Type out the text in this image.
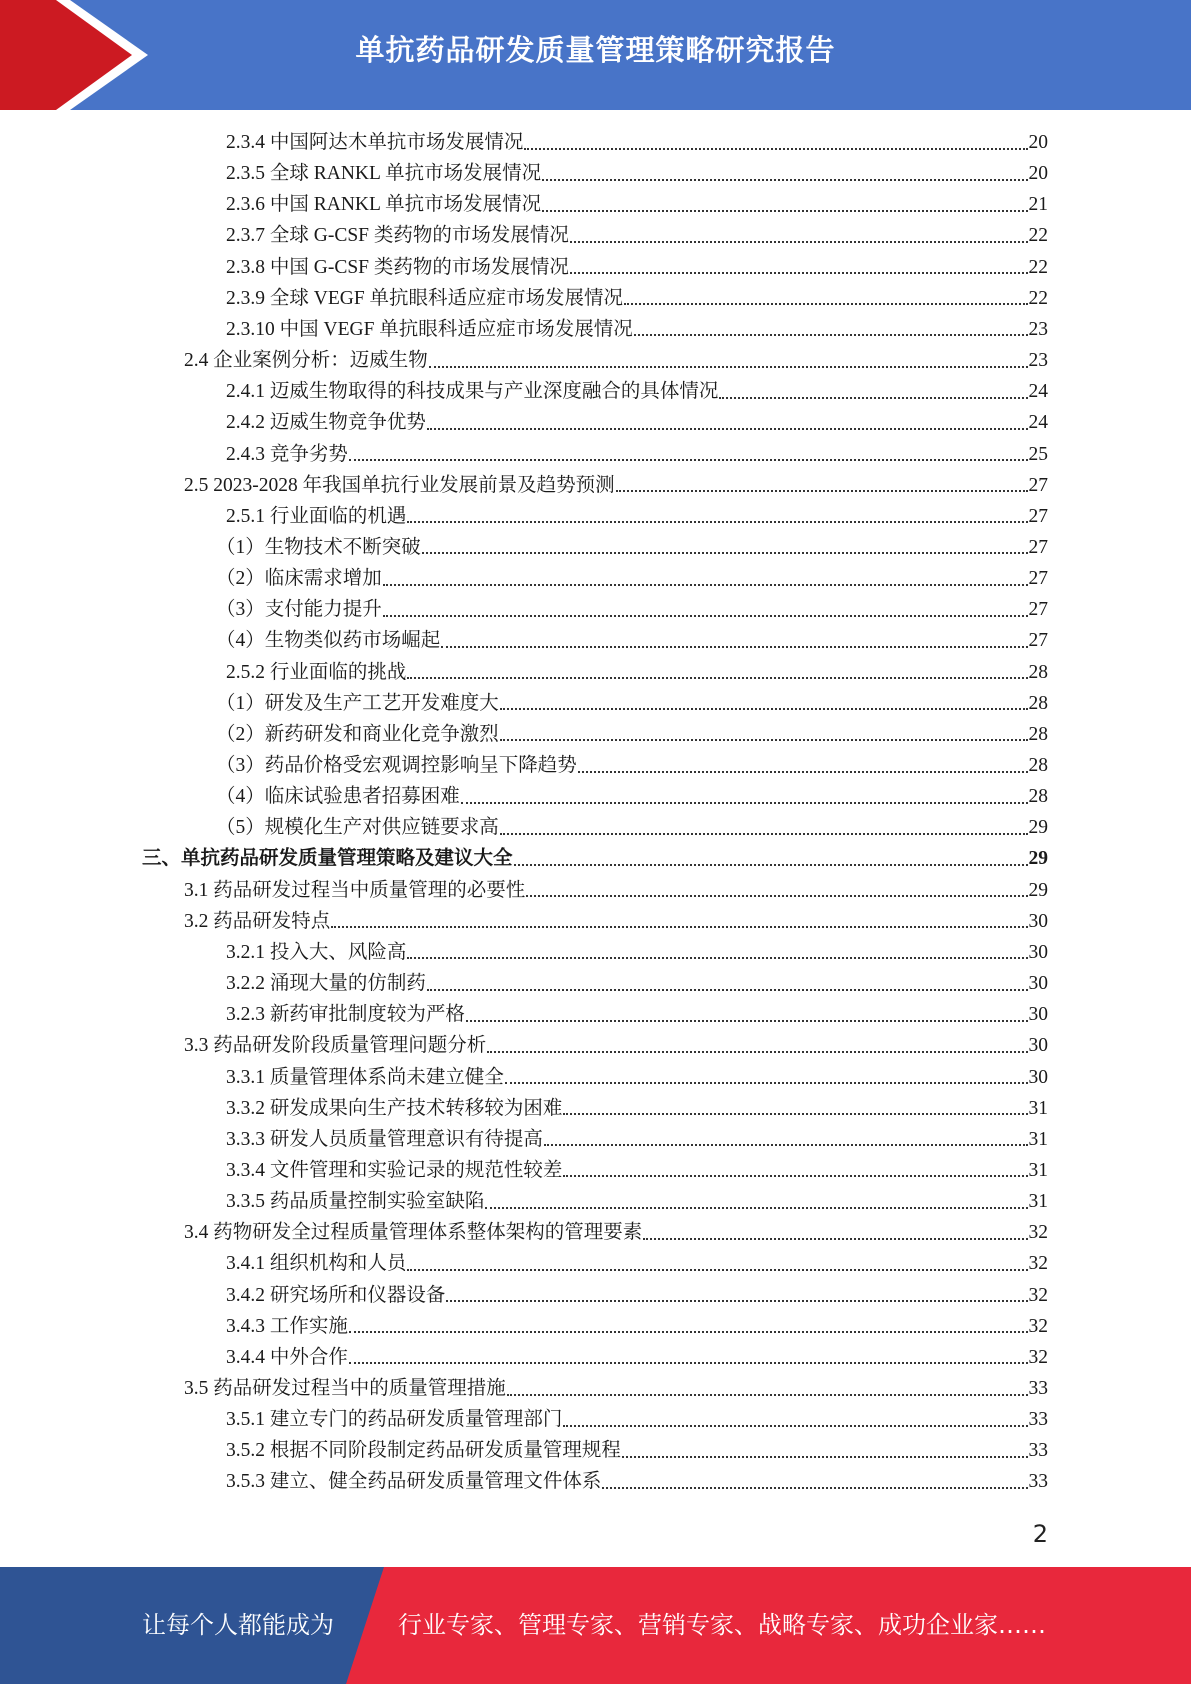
单抗药品研发质量管理策略研究报告
2.3.4 中国阿达木单抗市场发展情况	20
2.3.5 全球 RANKL 单抗市场发展情况	20
2.3.6 中国 RANKL 单抗市场发展情况	21
2.3.7 全球 G-CSF 类药物的市场发展情况	22
2.3.8 中国 G-CSF 类药物的市场发展情况	22
2.3.9 全球 VEGF 单抗眼科适应症市场发展情况	22
2.3.10 中国 VEGF 单抗眼科适应症市场发展情况	23
2.4 企业案例分析：迈威生物	23
2.4.1 迈威生物取得的科技成果与产业深度融合的具体情况	24
2.4.2 迈威生物竞争优势	24
2.4.3 竞争劣势	25
2.5 2023-2028 年我国单抗行业发展前景及趋势预测	27
2.5.1 行业面临的机遇	27
（1）生物技术不断突破	27
（2）临床需求增加	27
（3）支付能力提升	27
（4）生物类似药市场崛起	27
2.5.2 行业面临的挑战	28
（1）研发及生产工艺开发难度大	28
（2）新药研发和商业化竞争激烈	28
（3）药品价格受宏观调控影响呈下降趋势	28
（4）临床试验患者招募困难	28
（5）规模化生产对供应链要求高	29
三、单抗药品研发质量管理策略及建议大全	29
3.1 药品研发过程当中质量管理的必要性	29
3.2 药品研发特点	30
3.2.1 投入大、风险高	30
3.2.2 涌现大量的仿制药	30
3.2.3 新药审批制度较为严格	30
3.3 药品研发阶段质量管理问题分析	30
3.3.1 质量管理体系尚未建立健全	30
3.3.2 研发成果向生产技术转移较为困难	31
3.3.3 研发人员质量管理意识有待提高	31
3.3.4 文件管理和实验记录的规范性较差	31
3.3.5 药品质量控制实验室缺陷	31
3.4 药物研发全过程质量管理体系整体架构的管理要素	32
3.4.1 组织机构和人员	32
3.4.2 研究场所和仪器设备	32
3.4.3 工作实施	32
3.4.4 中外合作	32
3.5 药品研发过程当中的质量管理措施	33
3.5.1 建立专门的药品研发质量管理部门	33
3.5.2 根据不同阶段制定药品研发质量管理规程	33
3.5.3 建立、健全药品研发质量管理文件体系	33
2
让每个人都能成为	行业专家、管理专家、营销专家、战略专家、成功企业家……
